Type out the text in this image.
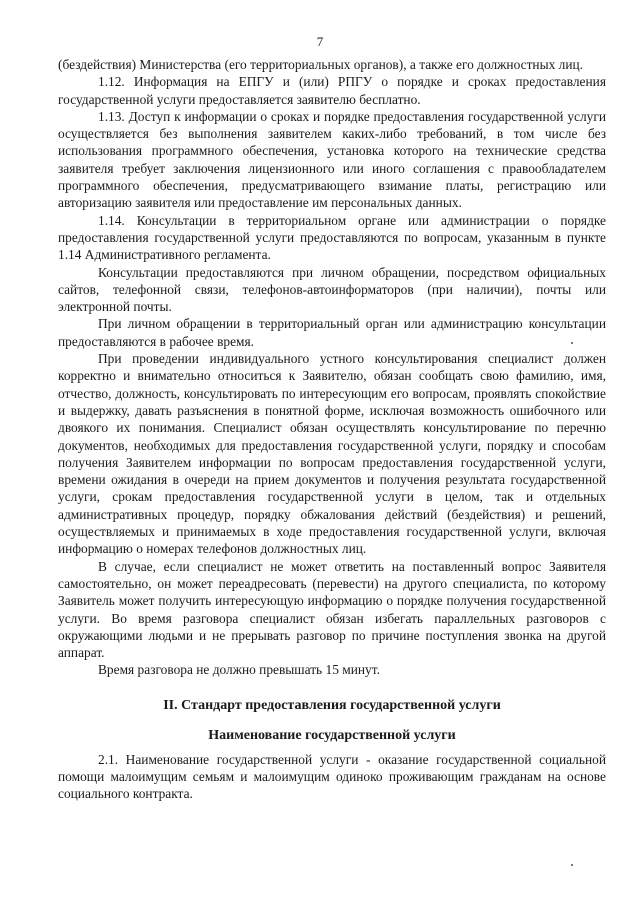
7

(бездействия) Министерства (его территориальных органов), а также его должностных лиц.

1.12. Информация на ЕПГУ и (или) РПГУ о порядке и сроках предоставления государственной услуги предоставляется заявителю бесплатно.

1.13. Доступ к информации о сроках и порядке предоставления государственной услуги осуществляется без выполнения заявителем каких-либо требований, в том числе без использования программного обеспечения, установка которого на технические средства заявителя требует заключения лицензионного или иного соглашения с правообладателем программного обеспечения, предусматривающего взимание платы, регистрацию или авторизацию заявителя или предоставление им персональных данных.

1.14. Консультации в территориальном органе или администрации о порядке предоставления государственной услуги предоставляются по вопросам, указанным в пункте 1.14 Административного регламента.

Консультации предоставляются при личном обращении, посредством официальных сайтов, телефонной связи, телефонов-автоинформаторов (при наличии), почты или электронной почты.

При личном обращении в территориальный орган или администрацию консультации предоставляются в рабочее время.

При проведении индивидуального устного консультирования специалист должен корректно и внимательно относиться к Заявителю, обязан сообщать свою фамилию, имя, отчество, должность, консультировать по интересующим его вопросам, проявлять спокойствие и выдержку, давать разъяснения в понятной форме, исключая возможность ошибочного или двоякого их понимания. Специалист обязан осуществлять консультирование по перечню документов, необходимых для предоставления государственной услуги, порядку и способам получения Заявителем информации по вопросам предоставления государственной услуги, времени ожидания в очереди на прием документов и получения результата государственной услуги, срокам предоставления государственной услуги в целом, так и отдельных административных процедур, порядку обжалования действий (бездействия) и решений, осуществляемых и принимаемых в ходе предоставления государственной услуги, включая информацию о номерах телефонов должностных лиц.

В случае, если специалист не может ответить на поставленный вопрос Заявителя самостоятельно, он может переадресовать (перевести) на другого специалиста, по которому Заявитель может получить интересующую информацию о порядке получения государственной услуги. Во время разговора специалист обязан избегать параллельных разговоров с окружающими людьми и не прерывать разговор по причине поступления звонка на другой аппарат.

Время разговора не должно превышать 15 минут.

II. Стандарт предоставления государственной услуги
Наименование государственной услуги

2.1. Наименование государственной услуги - оказание государственной социальной помощи малоимущим семьям и малоимущим одиноко проживающим гражданам на основе социального контракта.
